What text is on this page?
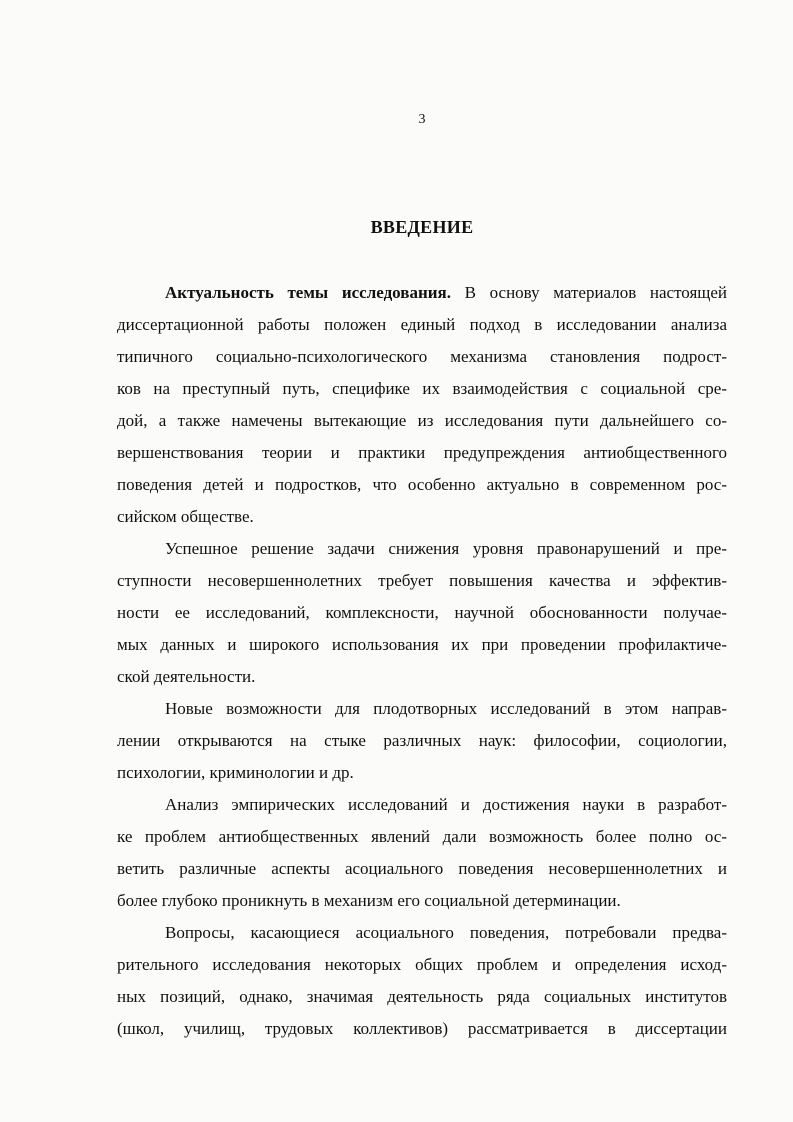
3
ВВЕДЕНИЕ
Актуальность темы исследования. В основу материалов настоящей
диссертационной работы положен единый подход в исследовании анализа
типичного социально-психологического механизма становления подрост-
ков на преступный путь, специфике их взаимодействия с социальной сре-
дой, а также намечены вытекающие из исследования пути дальнейшего со-
вершенствования теории и практики предупреждения антиобщественного
поведения детей и подростков, что особенно актуально в современном рос-
сийском обществе.
Успешное решение задачи снижения уровня правонарушений и пре-
ступности несовершеннолетних требует повышения качества и эффектив-
ности ее исследований, комплексности, научной обоснованности получае-
мых данных и широкого использования их при проведении профилактиче-
ской деятельности.
Новые возможности для плодотворных исследований в этом направ-
лении открываются на стыке различных наук: философии, социологии,
психологии, криминологии и др.
Анализ эмпирических исследований и достижения науки в разработ-
ке проблем антиобщественных явлений дали возможность более полно ос-
ветить различные аспекты асоциального поведения несовершеннолетних и
более глубоко проникнуть в механизм его социальной детерминации.
Вопросы, касающиеся асоциального поведения, потребовали предва-
рительного исследования некоторых общих проблем и определения исход-
ных позиций, однако, значимая деятельность ряда социальных институтов
(школ, училищ, трудовых коллективов) рассматривается в диссертации
